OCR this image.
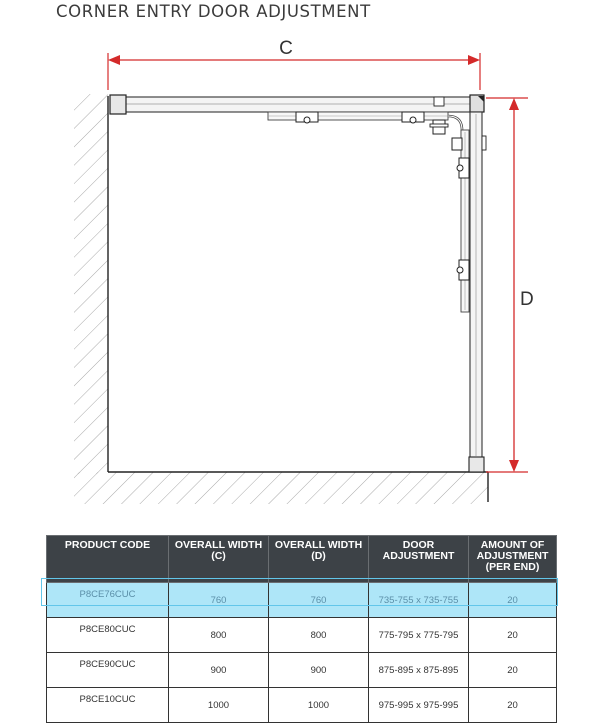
CORNER ENTRY DOOR ADJUSTMENT
C
D
PRODUCT CODE	OVERALL WIDTH (C)	OVERALL WIDTH (D)	DOOR ADJUSTMENT	AMOUNT OF ADJUSTMENT (PER END)
P8CE76CUC	760	760	735-755 x 735-755	20
P8CE80CUC	800	800	775-795 x 775-795	20
P8CE90CUC	900	900	875-895 x 875-895	20
P8CE10CUC	1000	1000	975-995 x 975-995	20
